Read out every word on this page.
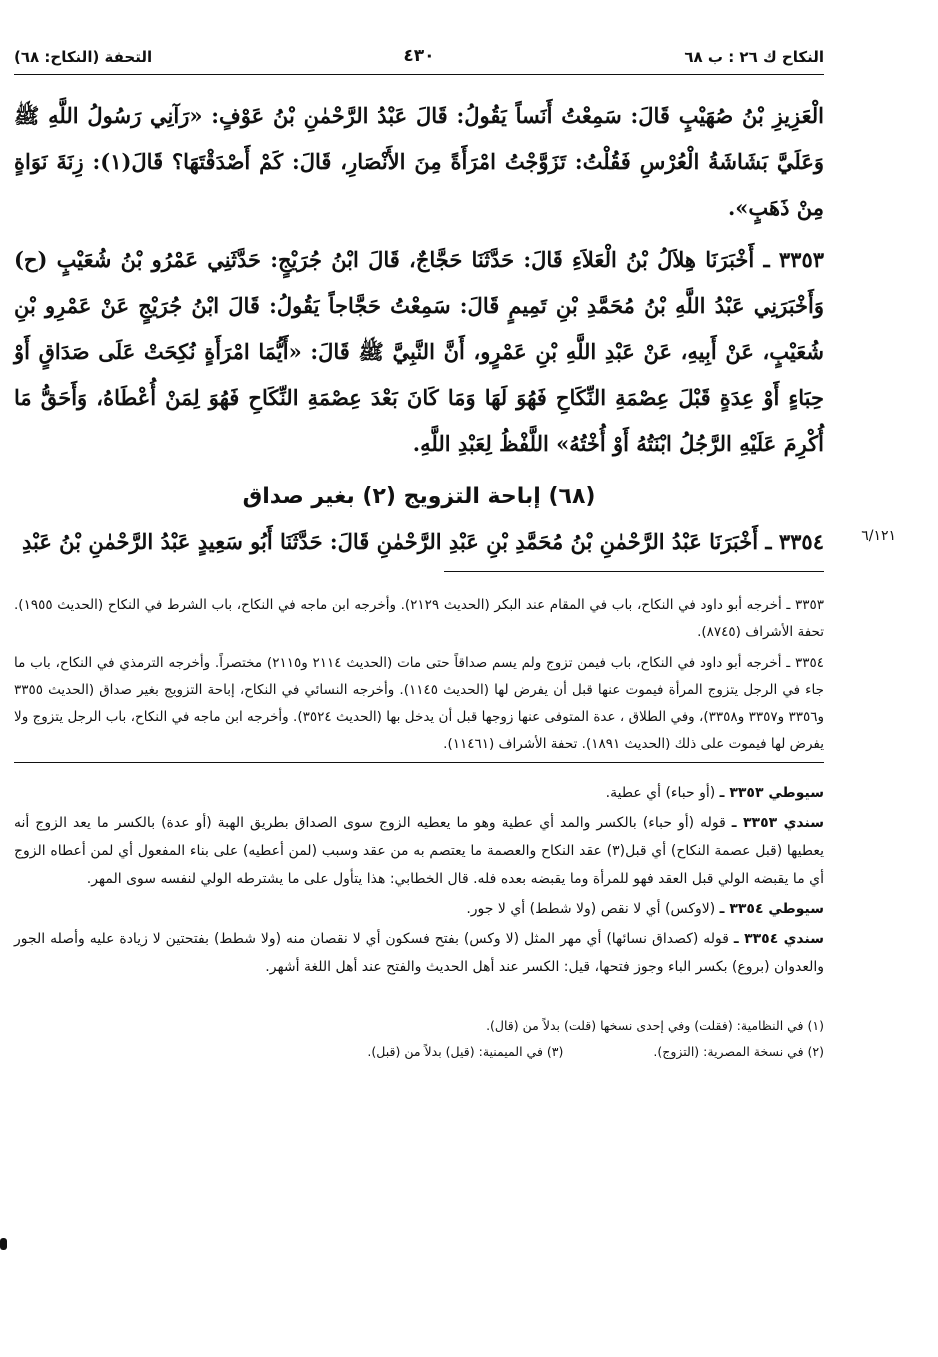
٦/١٢١
النكاح ك ٢٦ : ب ٦٨
٤٣٠
التحفة (النكاح: ٦٨)

الْعَزِيزِ بْنُ صُهَيْبٍ قَالَ: سَمِعْتُ أَنَساً يَقُولُ: قَالَ عَبْدُ الرَّحْمٰنِ بْنُ عَوْفٍ: «رَآنِي رَسُولُ اللَّهِ ﷺ وَعَلَيَّ بَشَاشَةُ الْعُرْسِ فَقُلْتُ: تَزَوَّجْتُ امْرَأَةً مِنَ الأَنْصَارِ، قَالَ: كَمْ أَصْدَقْتَهَا؟ قَالَ(١): زِنَةَ نَوَاةٍ مِنْ ذَهَبٍ».

٣٣٥٣ ـ أَخْبَرَنَا هِلاَلُ بْنُ الْعَلاَءِ قَالَ: حَدَّثَنَا حَجَّاجٌ، قَالَ ابْنُ جُرَيْجٍ: حَدَّثَنِي عَمْرُو بْنُ شُعَيْبٍ (ح) وَأَخْبَرَنِي عَبْدُ اللَّهِ بْنُ مُحَمَّدِ بْنِ تَمِيمٍ قَالَ: سَمِعْتُ حَجَّاجاً يَقُولُ: قَالَ ابْنُ جُرَيْجٍ عَنْ عَمْرِو بْنِ شُعَيْبٍ، عَنْ أَبِيهِ، عَنْ عَبْدِ اللَّهِ بْنِ عَمْرٍو، أَنَّ النَّبِيَّ ﷺ قَالَ: «أَيُّمَا امْرَأَةٍ نُكِحَتْ عَلَى صَدَاقٍ أَوْ حِبَاءٍ أَوْ عِدَةٍ قَبْلَ عِصْمَةِ النِّكَاحِ فَهُوَ لَهَا وَمَا كَانَ بَعْدَ عِصْمَةِ النِّكَاحِ فَهُوَ لِمَنْ أُعْطَاهُ، وَأَحَقُّ مَا أُكْرِمَ عَلَيْهِ الرَّجُلُ ابْنَتُهُ أَوْ أُخْتُهُ» اللَّفْظُ لِعَبْدِ اللَّهِ.

(٦٨) إباحة التزويج (٢) بغير صداق

٣٣٥٤ ـ أَخْبَرَنَا عَبْدُ الرَّحْمٰنِ بْنُ مُحَمَّدِ بْنِ عَبْدِ الرَّحْمٰنِ قَالَ: حَدَّثَنَا أَبُو سَعِيدٍ عَبْدُ الرَّحْمٰنِ بْنُ عَبْدِ

٣٣٥٣ ـ أخرجه أبو داود في النكاح، باب في المقام عند البكر (الحديث ٢١٢٩). وأخرجه ابن ماجه في النكاح، باب الشرط في النكاح (الحديث ١٩٥٥). تحفة الأشراف (٨٧٤٥).

٣٣٥٤ ـ أخرجه أبو داود في النكاح، باب فيمن تزوج ولم يسم صداقاً حتى مات (الحديث ٢١١٤ و٢١١٥) مختصراً. وأخرجه الترمذي في النكاح، باب ما جاء في الرجل يتزوج المرأة فيموت عنها قبل أن يفرض لها (الحديث ١١٤٥). وأخرجه النسائي في النكاح، إباحة التزويج بغير صداق (الحديث ٣٣٥٥ و٣٣٥٦ و٣٣٥٧ و٣٣٥٨)، وفي الطلاق ، عدة المتوفى عنها زوجها قبل أن يدخل بها (الحديث ٣٥٢٤). وأخرجه ابن ماجه في النكاح، باب الرجل يتزوج ولا يفرض لها فيموت على ذلك (الحديث ١٨٩١). تحفة الأشراف (١١٤٦١).

سيوطي ٣٣٥٣ ـ (أو حباء) أي عطية.

سندي ٣٣٥٣ ـ قوله (أو حباء) بالكسر والمد أي عطية وهو ما يعطيه الزوج سوى الصداق بطريق الهبة (أو عدة) بالكسر ما يعد الزوج أنه يعطيها (قبل عصمة النكاح) أي قبل(٣) عقد النكاح والعصمة ما يعتصم به من عقد وسبب (لمن أعطيه) على بناء المفعول أي لمن أعطاه الزوج أي ما يقبضه الولي قبل العقد فهو للمرأة وما يقبضه بعده فله. قال الخطابي: هذا يتأول على ما يشترطه الولي لنفسه سوى المهر.

سيوطي ٣٣٥٤ ـ (لاوكس) أي لا نقص (ولا شطط) أي لا جور.

سندي ٣٣٥٤ ـ قوله (كصداق نسائها) أي مهر المثل (لا وكس) بفتح فسكون أي لا نقصان منه (ولا شطط) بفتحتين لا زيادة عليه وأصله الجور والعدوان (بروع) بكسر الباء وجوز فتحها، قيل: الكسر عند أهل الحديث والفتح عند أهل اللغة أشهر.

(١) في النظامية: (فقلت) وفي إحدى نسخها (قلت) بدلاً من (قال).
(٢) في نسخة المصرية: (التزوج).
(٣) في الميمنية: (قيل) بدلاً من (قبل).
